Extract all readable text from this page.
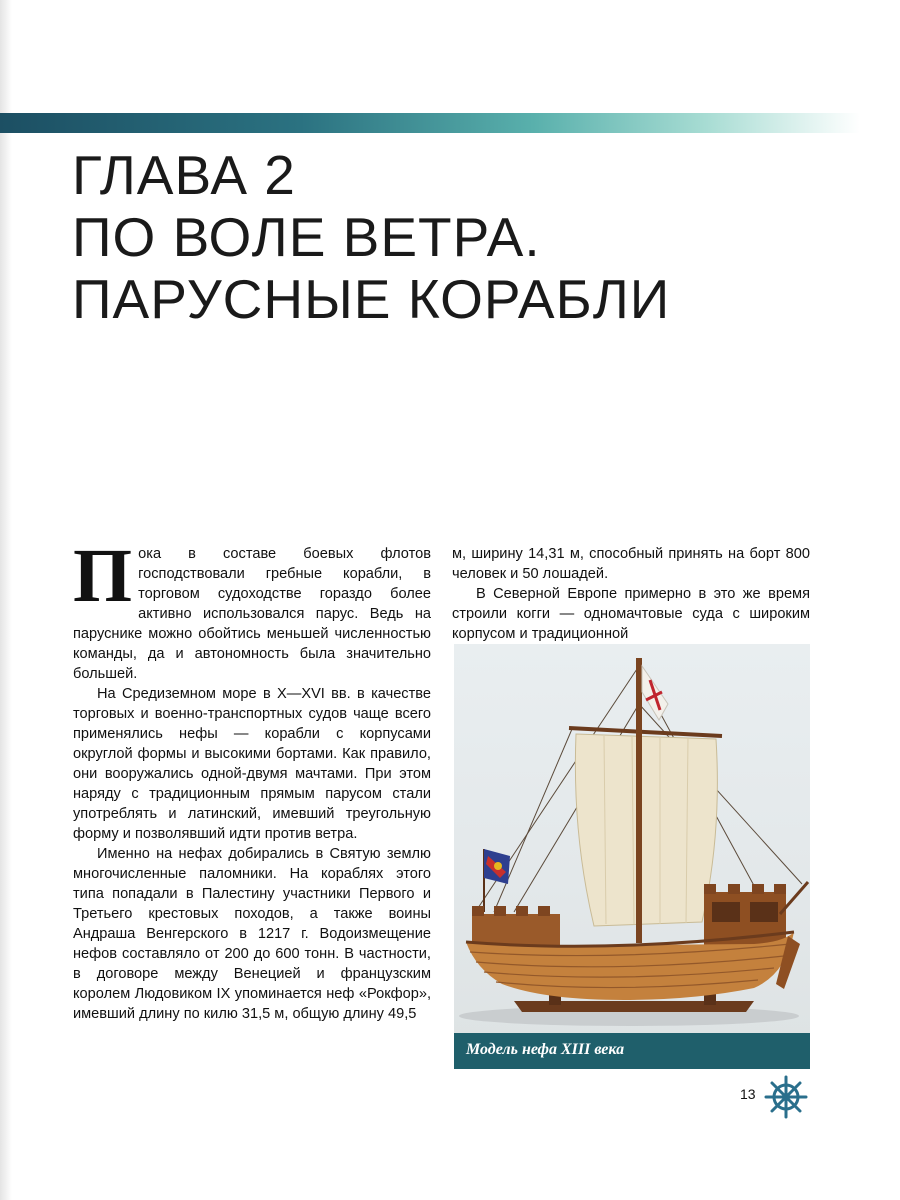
ГЛАВА 2
ПО ВОЛЕ ВЕТРА.
ПАРУСНЫЕ КОРАБЛИ

Пока в составе боевых флотов господствовали гребные корабли, в торговом судоходстве гораздо более активно использовался парус. Ведь на паруснике можно обойтись меньшей численностью команды, да и автономность была значительно большей.

На Средиземном море в X—XVI вв. в качестве торговых и военно-транспортных судов чаще всего применялись нефы — корабли с корпусами округлой формы и высокими бортами. Как правило, они вооружались одной-двумя мачтами. При этом наряду с традиционным прямым парусом стали употреблять и латинский, имевший треугольную форму и позволявший идти против ветра.

Именно на нефах добирались в Святую землю многочисленные паломники. На кораблях этого типа попадали в Палестину участники Первого и Третьего крестовых походов, а также воины Андраша Венгерского в 1217 г. Водоизмещение нефов составляло от 200 до 600 тонн. В частности, в договоре между Венецией и французским королем Людовиком IX упоминается неф «Рокфор», имевший длину по килю 31,5 м, общую длину 49,5

м, ширину 14,31 м, способный принять на борт 800 человек и 50 лошадей.

В Северной Европе примерно в это же время строили когги — одномачтовые суда с широким корпусом и традиционной

Модель нефа XIII века
13
